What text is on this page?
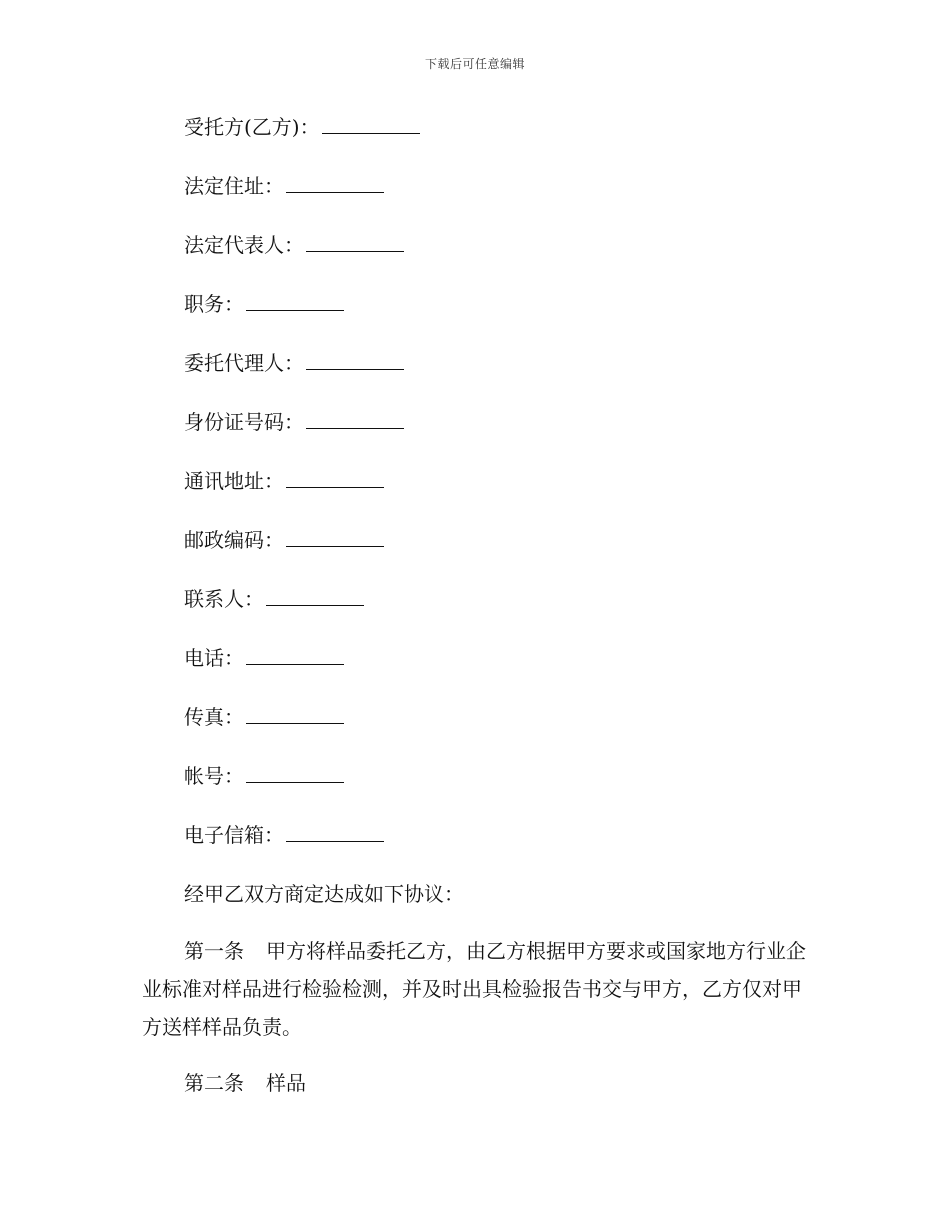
下载后可任意编辑
受托方(乙方)：
法定住址：
法定代表人：
职务：
委托代理人：
身份证号码：
通讯地址：
邮政编码：
联系人：
电话：
传真：
帐号：
电子信箱：
经甲乙双方商定达成如下协议：
第一条 甲方将样品委托乙方，由乙方根据甲方要求或国家地方行业企业标准对样品进行检验检测，并及时出具检验报告书交与甲方，乙方仅对甲方送样样品负责。
第二条 样品
